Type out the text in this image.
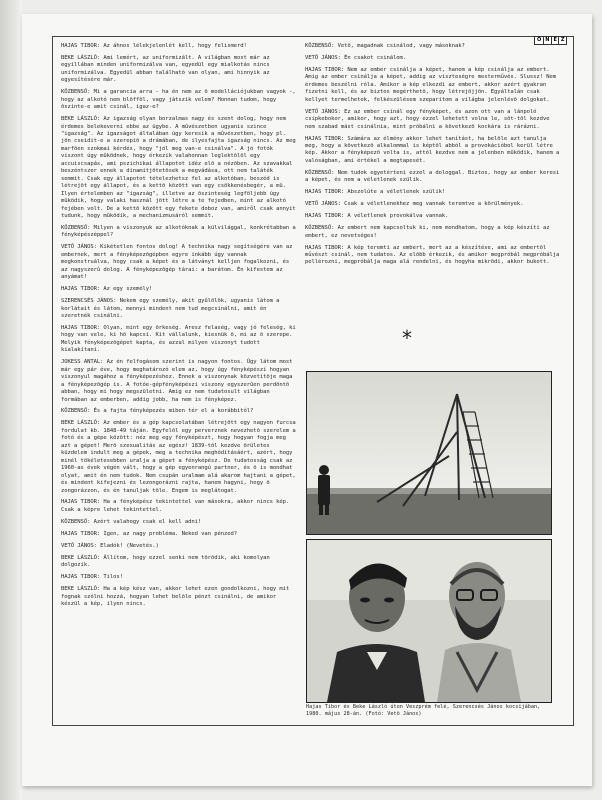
Ö N É Z

HAJAS TIBOR: Az áhnos lélekjelenlét kell, hogy felismerd!

BEKE LÁSZLÓ: Ami lemért, az uniformizált. A világban most már az egyillában minden uniformizálva van, egyedül egy mialkotás nincs uniformizálva. Egyedül abban található van olyan, ami hinnyik az egyesítésére már.

KÖZBENSŐ: Mi a garancia arra - ha én nem az õ modellációjukban vagyok -, hogy az alkotó nem blöffõl, vagy játszik velem? Honnan tudom, hogy õszinte-e amit csinál, igaz-e?

BEKE LÁSZLÓ: Az igazság olyan borzalmas nagy és szent dolog, hogy nem érdemes belekeverni ebbe az ügybe. A mûvészetben ugyanis szince "igazság". Az igazságot általában úgy keresik a mûvészetben, hogy pl. jön cseidit-e a szerepiõ a drámában, de ilyesfajta igazság nincs. Az meg marfõen szokmai kérdés, hogy "jól meg van-e csinálva". A jó fotók viszont úgy mûködnek, hogy érkezik valahonnan leglektõlõl egy accuiscsapás, ami pszichikai állapotot idéz elõ a nézõben. Az szavakkal beszéntszer ennek a dinamitjõtetõsek a megvádása, ott nem taláték semmit. Csak egy állapotot tételezhetsz fel az alkotóban, beszéd is létrejõt egy állapot, és a kettõ között van egy csökkenésbegér, a mû. Ilyen értelemben az "igazság", illetve az õszinteség legföljebb úgy mûködik, hogy valaki használ jött létre a te fejedben, mint az alkotó fejében volt. De a kettõ között egy fekete doboz van, amiről csak annyit tudunk, hogy mûködik, a mechanizmusáról semmit.

KÖZBENSŐ: Milyen a viszonyuk az alkotóknak a külvilággal, konkrétabban a fényképészéppel?

VETŐ JÁNOS: Kikétetlen fontos dolog! A technika nagy segítségére van az embernek, mert a fényképezõgépben egyre inkább úgy vannak megkonstruálva, hogy csak a képet és a látványt kelljen fogalkozni, és az nagyszerû dolog. A fényképezõgép tárai: a barátom. Én kifestem az anyámat!

HAJAS TIBOR: Az egy személy!

SZERENCSÉS JÁNOS: Nekem egy személy, akit gyûlölök, ugyanis látom a korlátait és látom, mennyi mindent nem tud megcsinálni, amit én szeretnék csinálni.

HAJAS TIBOR: Olyan, mint egy õrkeség. Aresz felaség, vagy jó feleség, ki hogy van vele, ki hõ kapcsi. Kit vállalunk, kiesnük õ, mi az õ szerepe. Melyik fényképezõgépet kapta, és azzal milyen viszonyt tudott kialakítani.

JOKESS ANTAL: Az én felfogásom szerint is nagyon fontos. Úgy látom most már egy pár éve, hogy meghatározó elem az, hogy úgy fényképészi hogyan viszonyul magához a fényképezéshez. Ennek a viszonynak közvetítõje maga a fényképezõgép is. A fotóe-gépfényképészi viszony egyszerûen perdöntõ abban, hogy mi hogy megszületni. Amig ez nem tudatosult világban formában az emberben, addig jobb, ha nem is fényképez.

KÖZBENSŐ: És a fajta fényképezés miben tér el a korábbitól?

BEKE LÁSZLÓ: Az ember és a gép kapcsolatában létrejött egy nagyon furcsa fordulat kb. 1848-49 táján. Egyfelõl egy perverznek nevezhetõ szerelem a fotó és a gépe között: néz meg egy fényképészt, hogy hogyan fogja meg azt a gépet! Merõ szexualitás az egész! 1839-tõl kezdve õrületes küzdelem indult meg a gépek, meg a technika meghódításáért, azért, hogy minél tökéletesebben uralja a gépet a fényképész. De tudatosság csak az 1960-as évek végén vált, hogy a gép egyenrangú partner, és õ is mondhat olyat, amit én nem tudok. Nem csupán uralmam alá akarom hajtani a gépet, és mindent kifejezni és lezongorázni rajta, hanem hagyni, hogy õ zongorázzon, és én tanuljak tõle. Engem is meglátogat.

HAJAS TIBOR: Ha a fényképész tekintettel van másokra, akkor nincs kép. Csak a képre lehet tekintettel.

KÖZBENSŐ: Azért valahogy csak el kell adni!

HAJAS TIBOR: Igen, az nagy probléma. Neked van pénzed?

VETŐ JÁNOS: Eladók! (Nevetés.)

BEKE LÁSZLÓ: Állítom, hogy ezzel senki nem törõdik, aki komolyan dolgozik.

HAJAS TIBOR: Tilos!

BEKE LÁSZLÓ: Ha a kép kész van, akkor lehet ezen gondolkozni, hogy mit fognak szólni hozzá, hogyan lehet belõle pénzt csinálni, de amikor készül a kép, ilyen nincs.

KÖZBENSŐ: Vetõ, magadnak csinálod, vagy másoknak?

VETŐ JÁNOS: Én csakot csinálom.

HAJAS TIBOR: Nem az ember csinálja a képet, hanem a kép csinálja az embert. Amig az ember csinálja a képet, addig az viszteségre mesterművés. Slussz! Nem érdemes beszélni róla. Amikor a kép elkezdi az embert, akkor azért gyakran fizetni kell, és az biztos megérthetõ, hogy létrejöjjön. Egyáltalán csak kellyet termelhetek, felkészülésem szeparitom a világba jelenlévõ dolgokat.

VETŐ JÁNOS: Ez az ember csinál egy fényképet, és azon ott van a lánpoló csipkebokor, amikor, hogy azt, hogy ezzel lehetett volna le, sõt-tõl kezdve nem szabad mást csinálnia, mint próbálni a következõ kockára is rárázni.

HAJAS TIBOR: Számára az élmény akkor lehet tanítást, ha belõle azt tanulja meg, hogy a következõ alkalommal is képtõl abból a provokációbol kerül létre kép. Akkor a fényképezõ volta is, attól kezdve nem a jelenben mûködik, hanem a valóságban, ami értékel a megtapesét.

KÖZBENSŐ: Nem tudok egyetérteni ezzel a dologgal. Biztos, hogy az ember keresi a képet, és nem a véletlenek szülik.

HAJAS TIBOR: Abszolúte a véletlenek szülik!

VETŐ JÁNOS: Csak a véletlenekhez meg vannak teremtve a körülmények.

HAJAS TIBOR: A véletlenek provokálva vannak.

KÖZBENSŐ: Az embert nem kapcsoltuk ki, nem mondhatom, hogy a kép készíti az embert, ez nevetséges!

HAJAS TIBOR: A kép teremti az embert, mert az a készítése, ami az embertõl művészt csinál, nem tudatos. Az elõbb érkezik, és amikor megpróbál megpróbálja pellérozni, megpróbálja maga alá rendelni, és hogyha mikrödi, akkor bukott.

*
Hajas Tibor és Beke László úton Veszprém felé, Szerencsés János kocsijában, 1980. május 28-án. (Fotó: Vetõ János)
